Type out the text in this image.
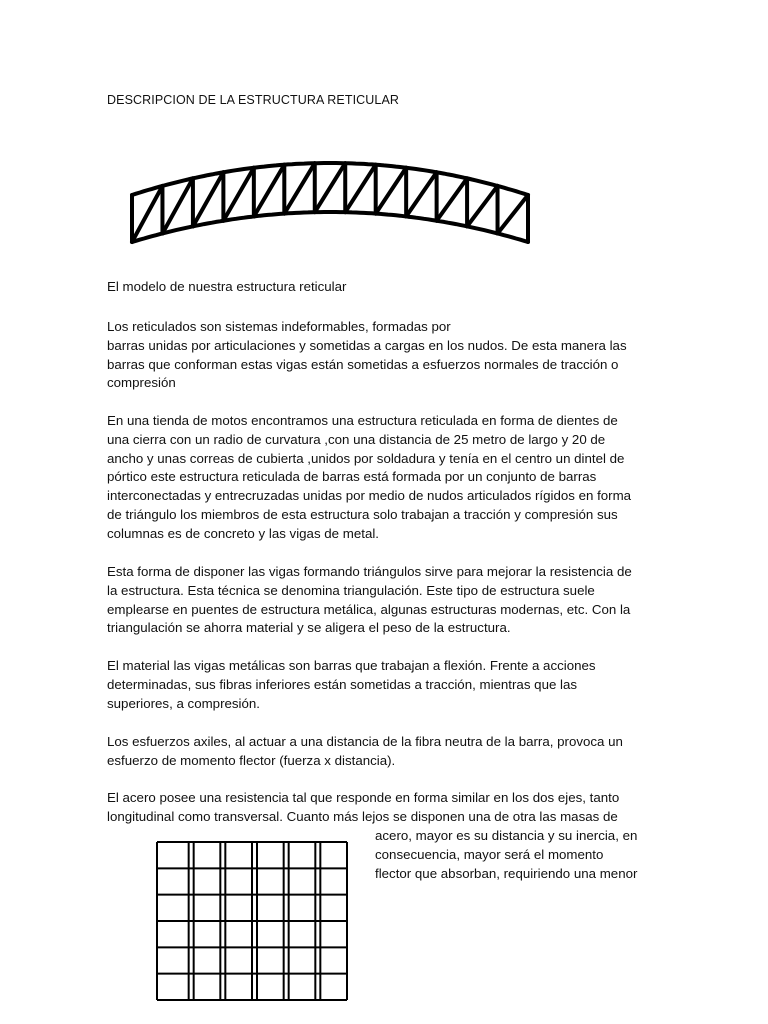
DESCRIPCION DE LA ESTRUCTURA RETICULAR

El modelo de nuestra estructura reticular

Los reticulados son sistemas indeformables, formadas por
barras unidas por articulaciones y sometidas a cargas en los nudos. De esta manera las
barras que conforman estas vigas están sometidas a esfuerzos normales de tracción o
compresión

En una tienda de motos encontramos una estructura reticulada en forma de dientes de
una cierra con un radio de curvatura ,con una distancia de 25 metro de largo y 20 de
ancho y unas correas de cubierta ,unidos por soldadura y tenía en el centro un dintel de
pórtico este estructura reticulada de barras está formada por un conjunto de barras
interconectadas y entrecruzadas unidas por medio de nudos articulados rígidos en forma
de triángulo los miembros de esta estructura solo trabajan a tracción y compresión sus
columnas es de concreto y las vigas de metal.

Esta forma de disponer las vigas formando triángulos sirve para mejorar la resistencia de
la estructura. Esta técnica se denomina triangulación. Este tipo de estructura suele
emplearse en puentes de estructura metálica, algunas estructuras modernas, etc. Con la
triangulación se ahorra material y se aligera el peso de la estructura.

El material las vigas metálicas son barras que trabajan a flexión. Frente a acciones
determinadas, sus fibras inferiores están sometidas a tracción, mientras que las
superiores, a compresión.

Los esfuerzos axiles, al actuar a una distancia de la fibra neutra de la barra, provoca un
esfuerzo de momento flector (fuerza x distancia).

El acero posee una resistencia tal que responde en forma similar en los dos ejes, tanto
longitudinal como transversal. Cuanto más lejos se disponen una de otra las masas de

acero, mayor es su distancia y su inercia, en
consecuencia, mayor será el momento
flector que absorban, requiriendo una menor
